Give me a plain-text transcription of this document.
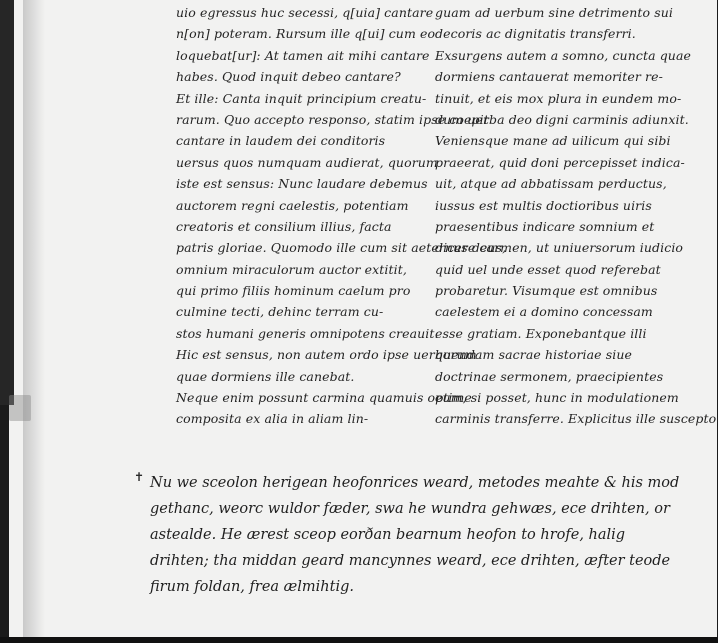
uio egressus huc secessi, q[uia] cantare
n[on] poteram. Rursum ille q[ui] cum eo
loquebat[ur]: At tamen ait mihi cantare
habes. Quod inquit debeo cantare?
Et ille: Canta inquit principium creatu-
rarum. Quo accepto responso, statim ipse coepit
cantare in laudem dei conditoris
uersus quos numquam audierat, quorum
iste est sensus: Nunc laudare debemus
auctorem regni caelestis, potentiam
creatoris et consilium illius, facta
patris gloriae. Quomodo ille cum sit aeternus deus,
omnium miraculorum auctor extitit,
qui primo filiis hominum caelum pro
culmine tecti, dehinc terram cu-
stos humani generis omnipotens creauit.
Hic est sensus, non autem ordo ipse uerborum
quae dormiens ille canebat.
Neque enim possunt carmina quamuis optime
composita ex alia in aliam lin-
guam ad uerbum sine detrimento sui
decoris ac dignitatis transferri.
Exsurgens autem a somno, cuncta quae
dormiens cantauerat memoriter re-
tinuit, et eis mox plura in eundem mo-
dum uerba deo digni carminis adiunxit.
Veniensque mane ad uilicum qui sibi
praeerat, quid doni percepisset indica-
uit, atque ad abbatissam perductus,
iussus est multis doctioribus uiris
praesentibus indicare somnium et
dicere carmen, ut uniuersorum iudicio
quid uel unde esset quod referebat
probaretur. Visumque est omnibus
caelestem ei a domino concessam
esse gratiam. Exponebantque illi
quendam sacrae historiae siue
doctrinae sermonem, praecipientes
eum, si posset, hunc in modulationem
carminis transferre. Explicitus ille suscepto
✝ Nu we sceolon herigean heofonrices weard, metodes meahte & his mod
gethanc, weorc wuldor fæder, swa he wundra gehwæs, ece drihten, or
astealde. He ærest sceop eorðan bearnum heofon to hrofe, halig
drihten; tha middan geard mancynnes weard, ece drihten, æfter teode
firum foldan, frea ælmihtig.
